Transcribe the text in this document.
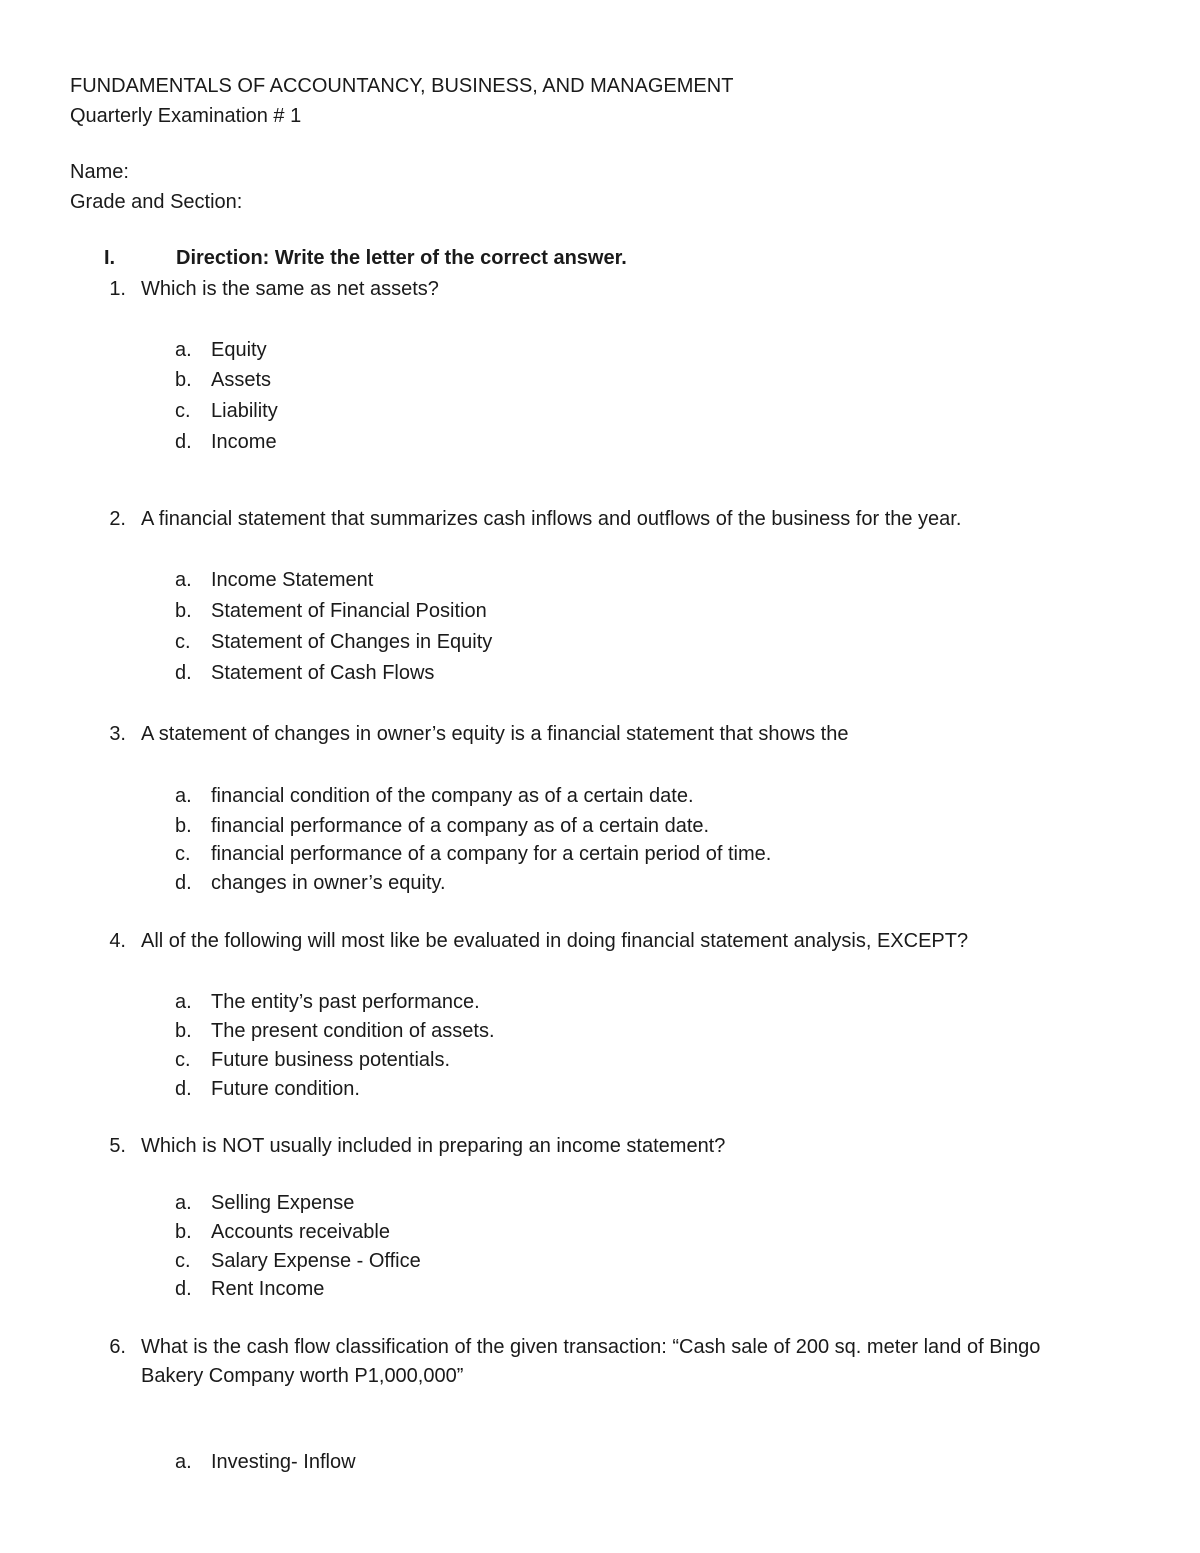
FUNDAMENTALS OF ACCOUNTANCY, BUSINESS, AND MANAGEMENT
Quarterly Examination # 1
Name:
Grade and Section:
I.	Direction: Write the letter of the correct answer.
1. Which is the same as net assets?
a. Equity
b. Assets
c. Liability
d. Income
2. A financial statement that summarizes cash inflows and outflows of the business for the year.
a. Income Statement
b. Statement of Financial Position
c. Statement of Changes in Equity
d. Statement of Cash Flows
3. A statement of changes in owner’s equity is a financial statement that shows the
a. financial condition of the company as of a certain date.
b. financial performance of a company as of a certain date.
c. financial performance of a company for a certain period of time.
d. changes in owner’s equity.
4. All of the following will most like be evaluated in doing financial statement analysis, EXCEPT?
a. The entity’s past performance.
b. The present condition of assets.
c. Future business potentials.
d. Future condition.
5. Which is NOT usually included in preparing an income statement?
a. Selling Expense
b. Accounts receivable
c. Salary Expense - Office
d. Rent Income
6. What is the cash flow classification of the given transaction: “Cash sale of 200 sq. meter land of Bingo
Bakery Company worth P1,000,000”
a. Investing- Inflow
